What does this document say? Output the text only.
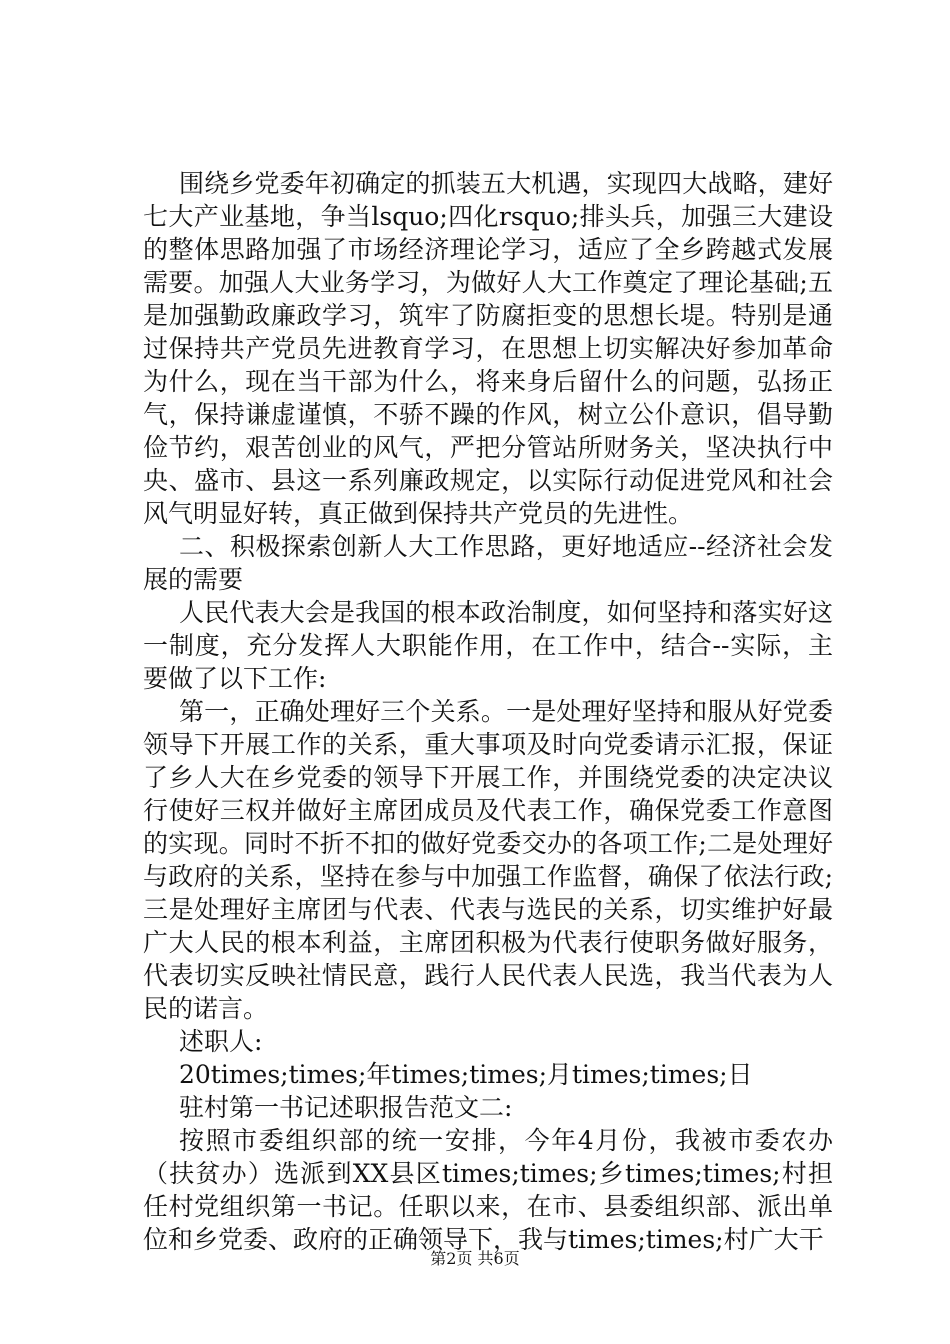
围绕乡党委年初确定的抓装五大机遇，实现四大战略，建好七大产业基地，争当lsquo;四化rsquo;排头兵，加强三大建设的整体思路加强了市场经济理论学习，适应了全乡跨越式发展需要。加强人大业务学习，为做好人大工作奠定了理论基础;五是加强勤政廉政学习，筑牢了防腐拒变的思想长堤。特别是通过保持共产党员先进教育学习，在思想上切实解决好参加革命为什么，现在当干部为什么，将来身后留什么的问题，弘扬正气，保持谦虚谨慎，不骄不躁的作风，树立公仆意识，倡导勤俭节约，艰苦创业的风气，严把分管站所财务关，坚决执行中央、盛市、县这一系列廉政规定，以实际行动促进党风和社会风气明显好转，真正做到保持共产党员的先进性。

二、积极探索创新人大工作思路，更好地适应--经济社会发展的需要

人民代表大会是我国的根本政治制度，如何坚持和落实好这一制度，充分发挥人大职能作用，在工作中，结合--实际，主要做了以下工作:

第一，正确处理好三个关系。一是处理好坚持和服从好党委领导下开展工作的关系，重大事项及时向党委请示汇报，保证了乡人大在乡党委的领导下开展工作，并围绕党委的决定决议行使好三权并做好主席团成员及代表工作，确保党委工作意图的实现。同时不折不扣的做好党委交办的各项工作;二是处理好与政府的关系，坚持在参与中加强工作监督，确保了依法行政;三是处理好主席团与代表、代表与选民的关系，切实维护好最广大人民的根本利益，主席团积极为代表行使职务做好服务，代表切实反映社情民意，践行人民代表人民选，我当代表为人民的诺言。

述职人:

20times;times;年times;times;月times;times;日

驻村第一书记述职报告范文二:

按照市委组织部的统一安排，今年4月份，我被市委农办（扶贫办）选派到XX县区times;times;乡times;times;村担任村党组织第一书记。任职以来，在市、县委组织部、派出单位和乡党委、政府的正确领导下，我与times;times;村广大干

第2页 共6页
